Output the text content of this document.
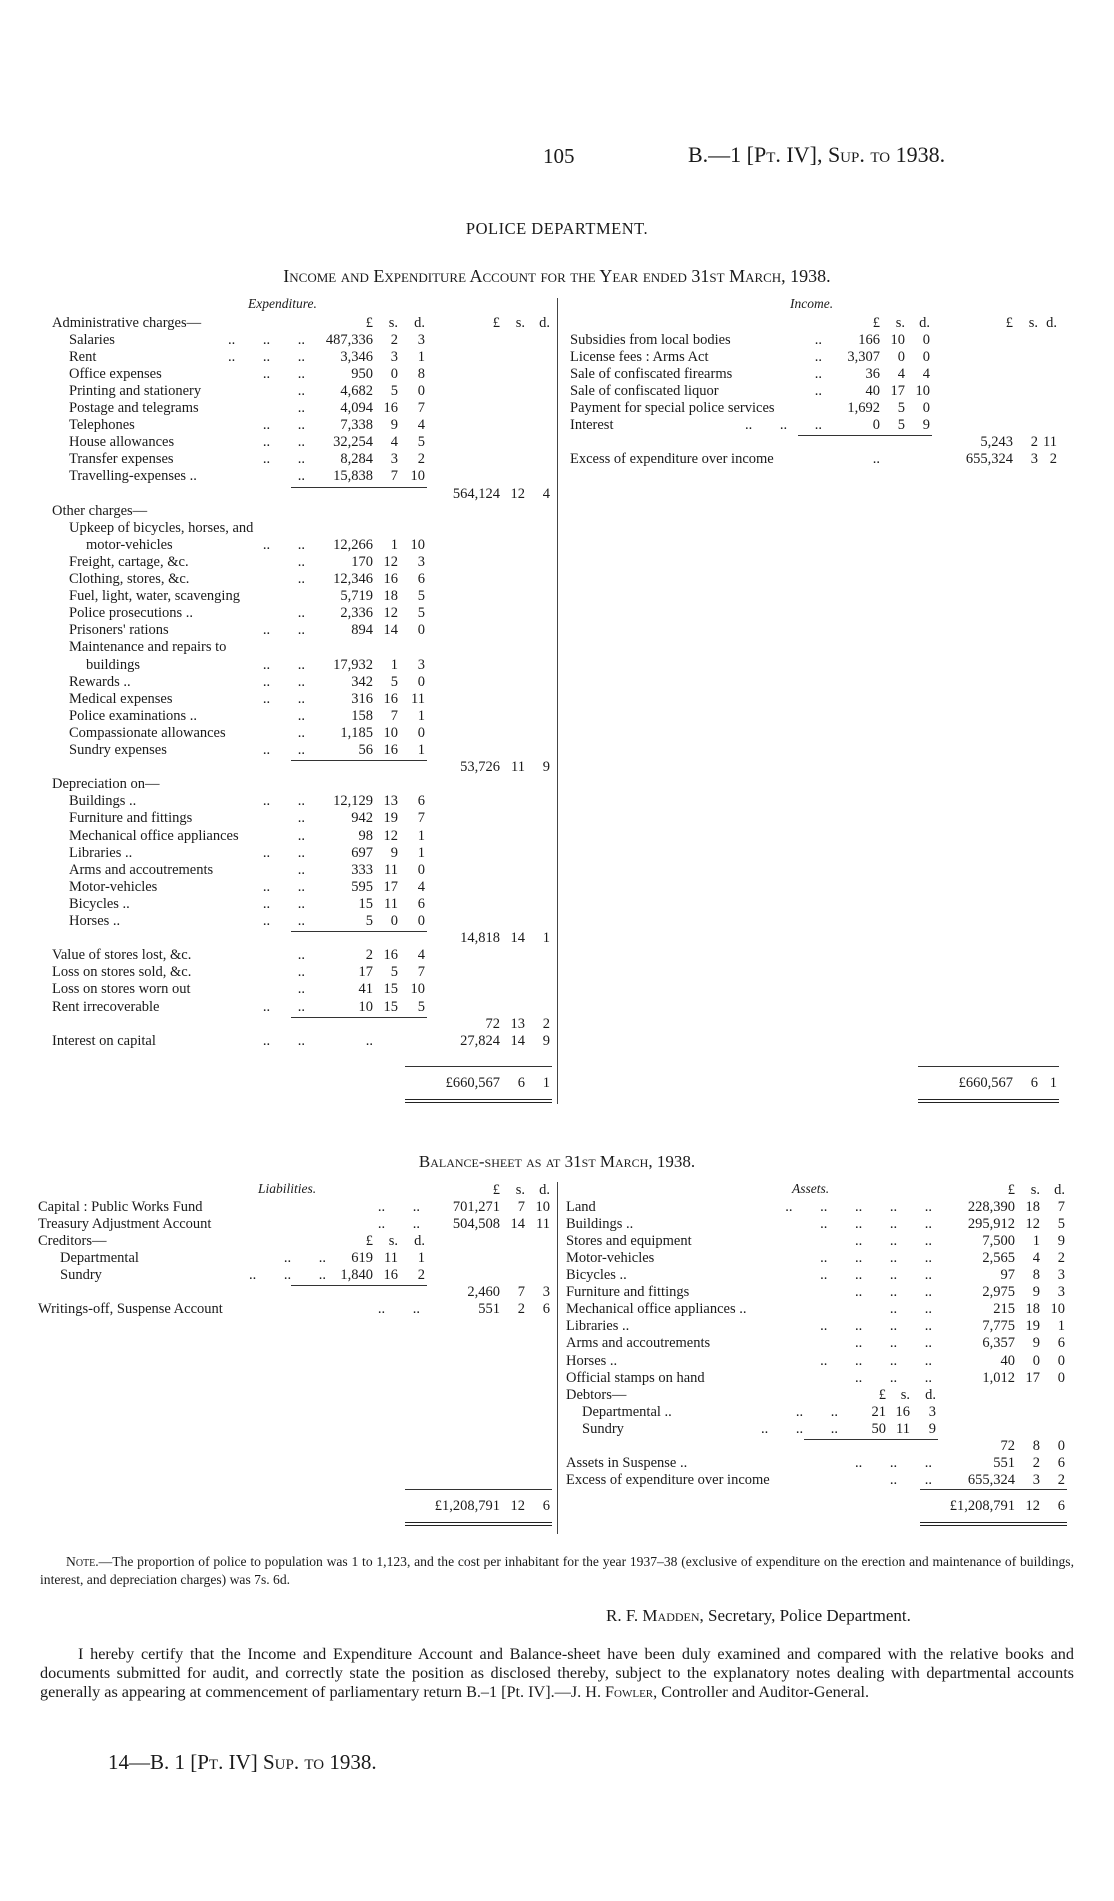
105	B.—1 [Pt. IV], Sup. to 1938.
POLICE DEPARTMENT.
Income and Expenditure Account for the Year ended 31st March, 1938.
Expenditure.	Income.
Administrative charges—	£ s. d.	£ s. d.
Salaries	.. .. .. 487,336 2 3
Rent	.. .. .. 3,346 3 1
Office expenses	.. ..	950 0 8
Printing and stationery	.. 4,682 5 0
Postage and telegrams	.. 4,094 16 7
Telephones	.. .. 7,338 9 4
House allowances	.. .. 32,254 4 5
Transfer expenses	.. .. 8,284 3 2
Travelling-expenses ..	.. 15,838 7 10
564,124 12 4
Other charges—
Upkeep of bicycles, horses, and
motor-vehicles	.. .. 12,266 1 10
Freight, cartage, &c.	..	170 12 3
Clothing, stores, &c.	.. 12,346 16 6
Fuel, light, water, scavenging	5,719 18 5
Police prosecutions ..	.. 2,336 12 5
Prisoners' rations	.. ..	894 14 0
Maintenance and repairs to
buildings	.. .. 17,932 1 3
Rewards ..	.. ..	342 5 0
Medical expenses	.. ..	316 16 11
Police examinations ..	..	158 7 1
Compassionate allowances	.. 1,185 10 0
Sundry expenses	.. ..	56 16 1
53,726 11 9
Depreciation on—
Buildings ..	.. .. 12,129 13 6
Furniture and fittings	..	942 19 7
Mechanical office appliances	..	98 12 1
Libraries ..	.. ..	697 9 1
Arms and accoutrements	..	333 11 0
Motor-vehicles	.. ..	595 17 4
Bicycles ..	.. ..	15 11 6
Horses ..	.. ..	5 0 0
14,818 14 1
Value of stores lost, &c.	..	2 16 4
Loss on stores sold, &c.	..	17 5 7
Loss on stores worn out	..	41 15 10
Rent irrecoverable	.. ..	10 15 5
72 13 2
Interest on capital	.. ..	..	27,824 14 9
£660,567 6 1
£ s. d.	£ s. d.
Subsidies from local bodies	..	166 10 0
License fees : Arms Act	.. 3,307 0 0
Sale of confiscated firearms	..	36 4 4
Sale of confiscated liquor	..	40 17 10
Payment for special police services	1,692 5 0
Interest	.. .. ..	0 5 9
5,243 2 11
Excess of expenditure over income	..	655,324 3 2
£660,567 6 1
Balance-sheet as at 31st March, 1938.
Liabilities.	Assets.
£ s. d.
Capital : Public Works Fund	.. .. 701,271 7 10
Treasury Adjustment Account	.. .. 504,508 14 11
Creditors—	£ s. d.
Departmental	.. .. 619 11 1
Sundry	.. .. .. 1,840 16 2
2,460 7 3
Writings-off, Suspense Account	.. ..	551 2 6
£1,208,791 12 6
£ s. d.
Land	.. .. .. .. .. 228,390 18 7
Buildings ..	.. .. .. .. 295,912 12 5
Stores and equipment	.. .. ..	7,500 1 9
Motor-vehicles	.. .. .. ..	2,565 4 2
Bicycles ..	.. .. .. ..	97 8 3
Furniture and fittings	.. .. ..	2,975 9 3
Mechanical office appliances ..	.. ..	215 18 10
Libraries ..	.. .. .. ..	7,775 19 1
Arms and accoutrements	.. .. ..	6,357 9 6
Horses ..	.. .. .. ..	40 0 0
Official stamps on hand	.. .. ..	1,012 17 0
Debtors—	£ s. d.
Departmental ..	.. .. 21 16 3
Sundry	.. .. .. 50 11 9
72 8 0
Assets in Suspense ..	.. .. ..	551 2 6
Excess of expenditure over income	.. .. 655,324 3 2
£1,208,791 12 6
Note.—The proportion of police to population was 1 to 1,123, and the cost per inhabitant for the year 1937–38 (exclusive of expenditure on the erection and maintenance of buildings, interest, and depreciation charges) was 7s. 6d.
R. F. Madden, Secretary, Police Department.
I hereby certify that the Income and Expenditure Account and Balance-sheet have been duly examined and compared with the relative books and documents submitted for audit, and correctly state the position as disclosed thereby, subject to the explanatory notes dealing with departmental accounts generally as appearing at commencement of parliamentary return B.–1 [Pt. IV].—J. H. Fowler, Controller and Auditor-General.
14—B. 1 [Pt. IV] Sup. to 1938.
